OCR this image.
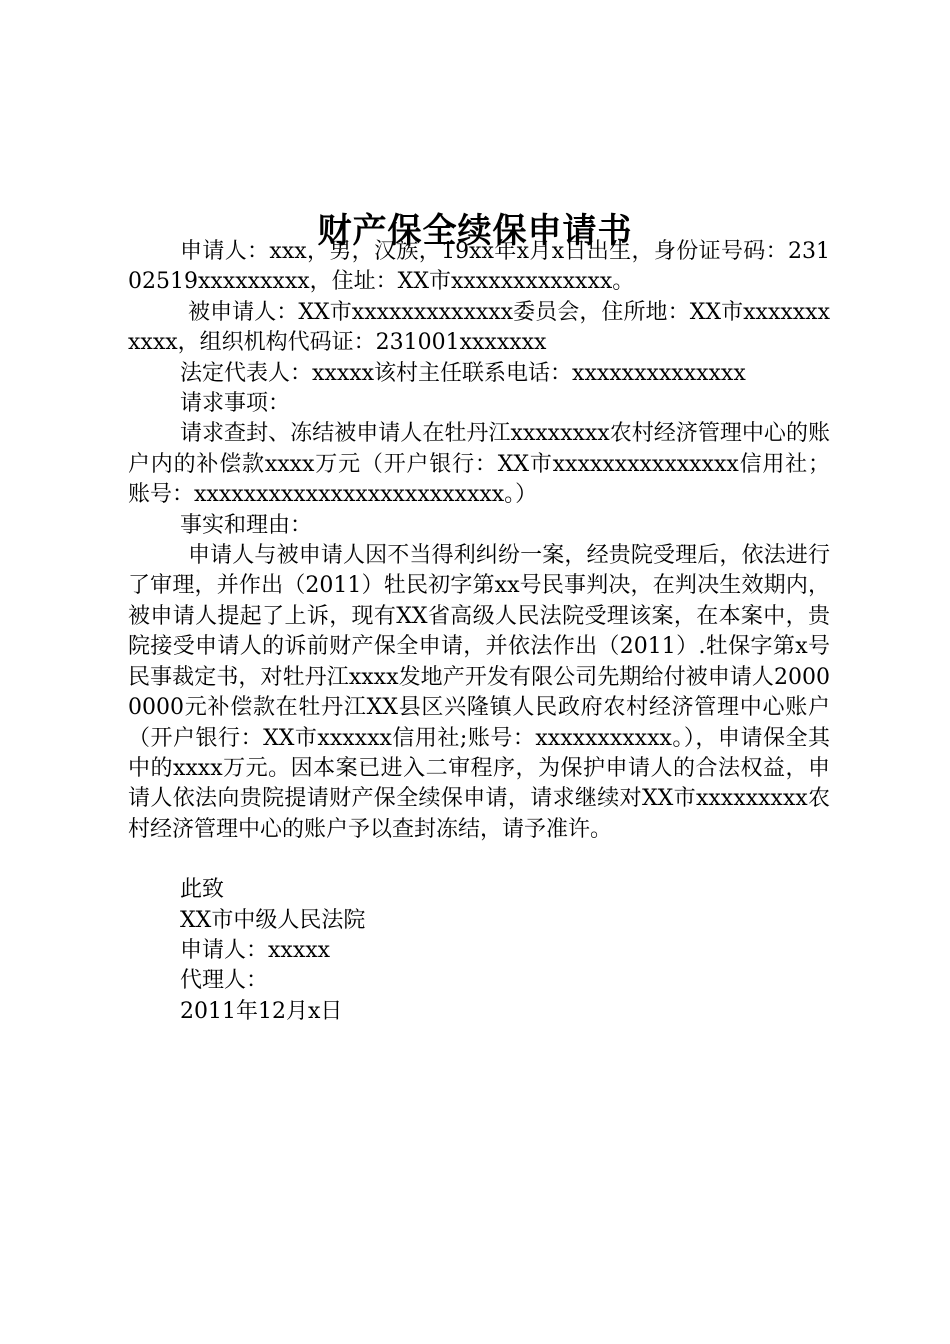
财产保全续保申请书

申请人：xxx，男，汉族，19xx年x月x日出生，身份证号码：23102519xxxxxxxxx，住址：XX市xxxxxxxxxxxxx。

被申请人：XX市xxxxxxxxxxxxx委员会，住所地：XX市xxxxxxxxxxx，组织机构代码证：231001xxxxxxx

法定代表人：xxxxx该村主任联系电话：xxxxxxxxxxxxxx

请求事项：

请求查封、冻结被申请人在牡丹江xxxxxxxx农村经济管理中心的账户内的补偿款xxxx万元（开户银行：XX市xxxxxxxxxxxxxxx信用社；账号：xxxxxxxxxxxxxxxxxxxxxxxxx。）

事实和理由：

申请人与被申请人因不当得利纠纷一案，经贵院受理后，依法进行了审理，并作出（2011）牡民初字第xx号民事判决，在判决生效期内，被申请人提起了上诉，现有XX省高级人民法院受理该案，在本案中，贵院接受申请人的诉前财产保全申请，并依法作出（2011）.牡保字第x号民事裁定书，对牡丹江xxxx发地产开发有限公司先期给付被申请人20000000元补偿款在牡丹江XX县区兴隆镇人民政府农村经济管理中心账户（开户银行：XX市xxxxxx信用社;账号：xxxxxxxxxxx。），申请保全其中的xxxx万元。因本案已进入二审程序，为保护申请人的合法权益，申请人依法向贵院提请财产保全续保申请，请求继续对XX市xxxxxxxxx农村经济管理中心的账户予以查封冻结，请予准许。

此致

XX市中级人民法院

申请人：xxxxx

代理人：

2011年12月x日
